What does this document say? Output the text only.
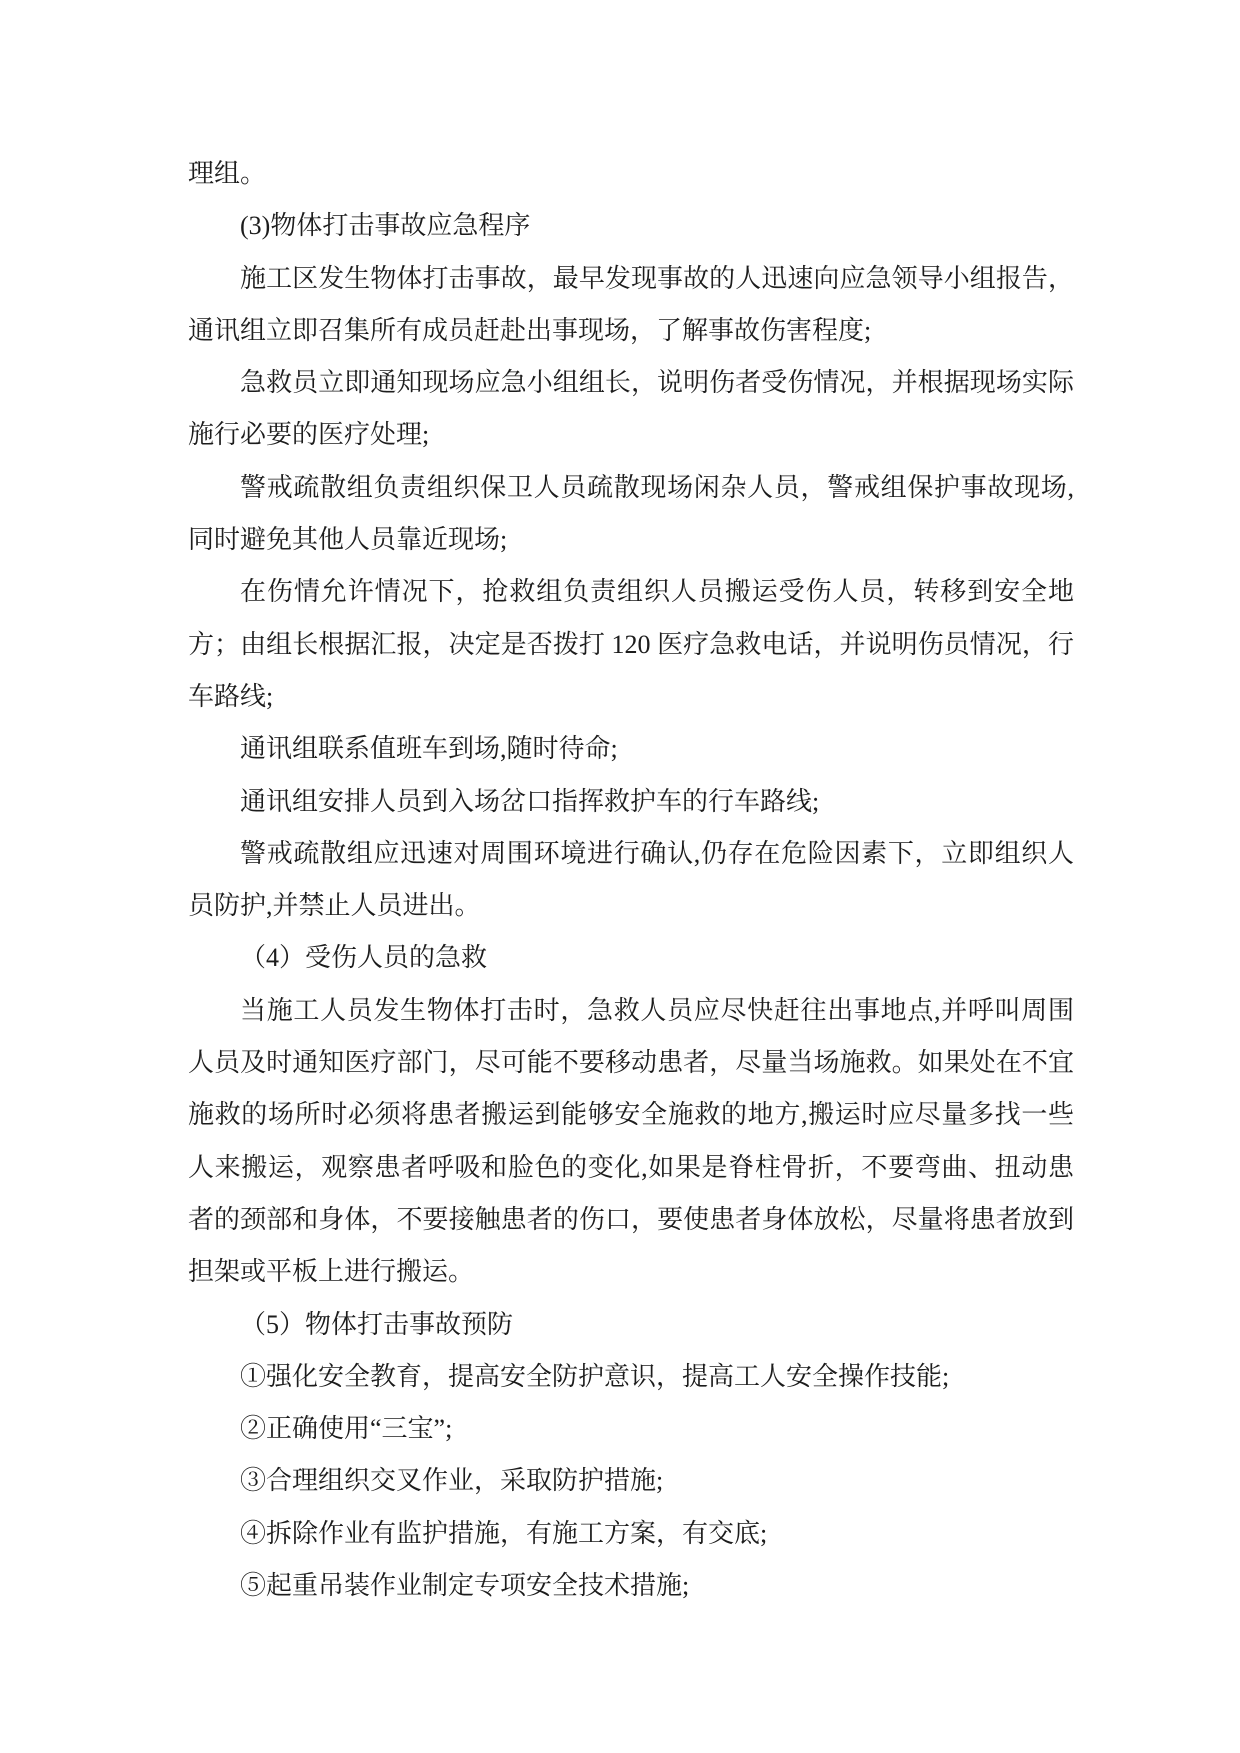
理组。

(3)物体打击事故应急程序

施工区发生物体打击事故，最早发现事故的人迅速向应急领导小组报告，通讯组立即召集所有成员赶赴出事现场，了解事故伤害程度;

急救员立即通知现场应急小组组长，说明伤者受伤情况，并根据现场实际施行必要的医疗处理;

警戒疏散组负责组织保卫人员疏散现场闲杂人员，警戒组保护事故现场,同时避免其他人员靠近现场;

在伤情允许情况下，抢救组负责组织人员搬运受伤人员，转移到安全地方；由组长根据汇报，决定是否拨打 120 医疗急救电话，并说明伤员情况，行车路线;

通讯组联系值班车到场,随时待命;

通讯组安排人员到入场岔口指挥救护车的行车路线;

警戒疏散组应迅速对周围环境进行确认,仍存在危险因素下，立即组织人员防护,并禁止人员进出。

（4）受伤人员的急救

当施工人员发生物体打击时，急救人员应尽快赶往出事地点,并呼叫周围人员及时通知医疗部门，尽可能不要移动患者，尽量当场施救。如果处在不宜施救的场所时必须将患者搬运到能够安全施救的地方,搬运时应尽量多找一些人来搬运，观察患者呼吸和脸色的变化,如果是脊柱骨折，不要弯曲、扭动患者的颈部和身体，不要接触患者的伤口，要使患者身体放松，尽量将患者放到担架或平板上进行搬运。

（5）物体打击事故预防

①强化安全教育，提高安全防护意识，提高工人安全操作技能;

②正确使用“三宝”;

③合理组织交叉作业，采取防护措施;

④拆除作业有监护措施，有施工方案，有交底;

⑤起重吊装作业制定专项安全技术措施;
